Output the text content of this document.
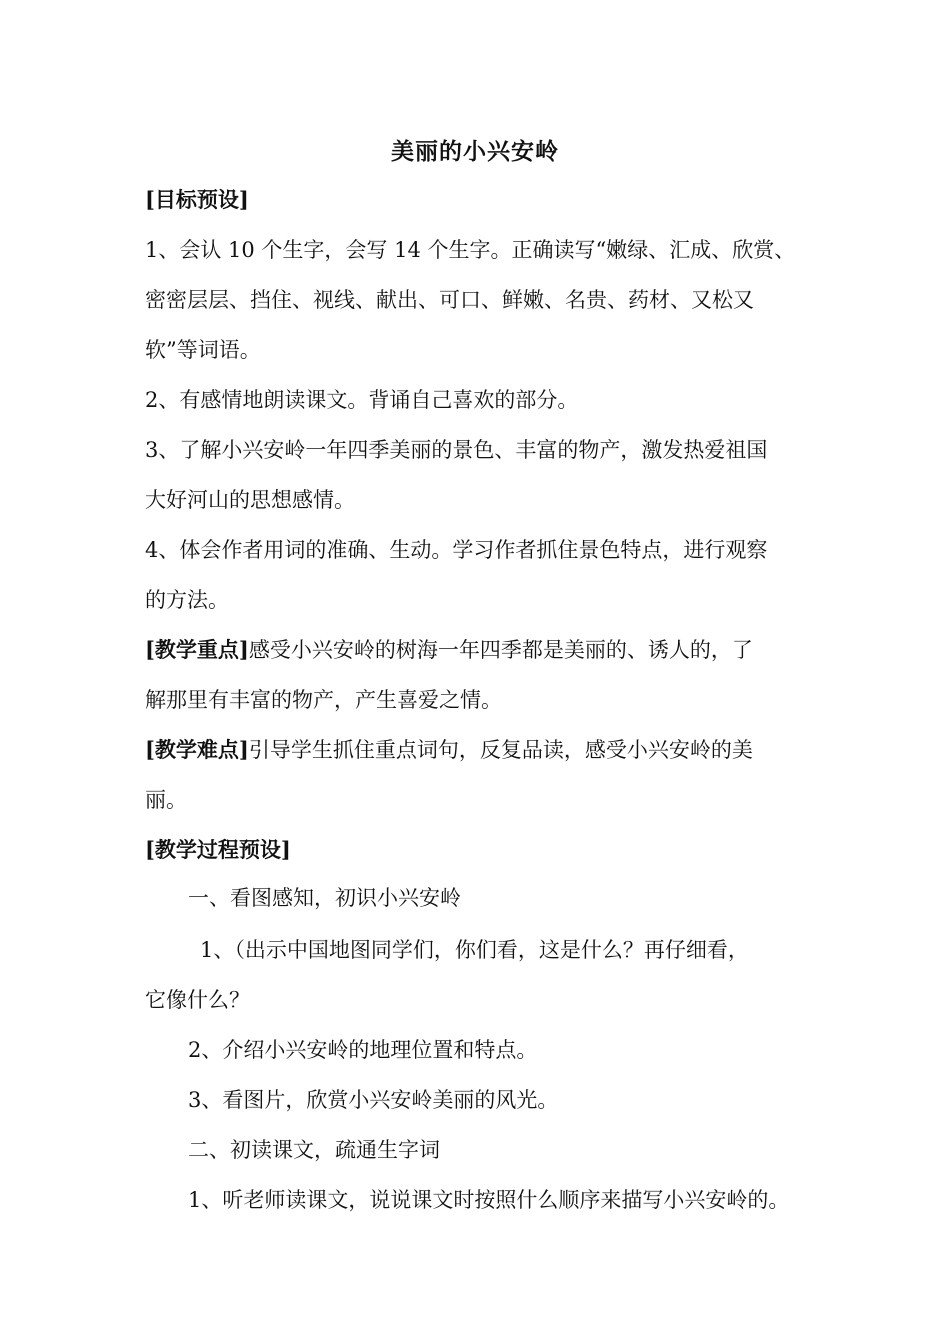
美丽的小兴安岭
[目标预设]
1、会认 10 个生字，会写 14 个生字。正确读写“嫩绿、汇成、欣赏、
密密层层、挡住、视线、献出、可口、鲜嫩、名贵、药材、又松又
软”等词语。
2、有感情地朗读课文。背诵自己喜欢的部分。
3、了解小兴安岭一年四季美丽的景色、丰富的物产，激发热爱祖国
大好河山的思想感情。
4、体会作者用词的准确、生动。学习作者抓住景色特点，进行观察
的方法。
[教学重点]感受小兴安岭的树海一年四季都是美丽的、诱人的，了
解那里有丰富的物产，产生喜爱之情。
[教学难点]引导学生抓住重点词句，反复品读，感受小兴安岭的美
丽。
[教学过程预设]
一、看图感知，初识小兴安岭
1、（出示中国地图同学们，你们看，这是什么？再仔细看，
它像什么？
2、介绍小兴安岭的地理位置和特点。
3、看图片，欣赏小兴安岭美丽的风光。
二、初读课文，疏通生字词
1、听老师读课文，说说课文时按照什么顺序来描写小兴安岭的。
